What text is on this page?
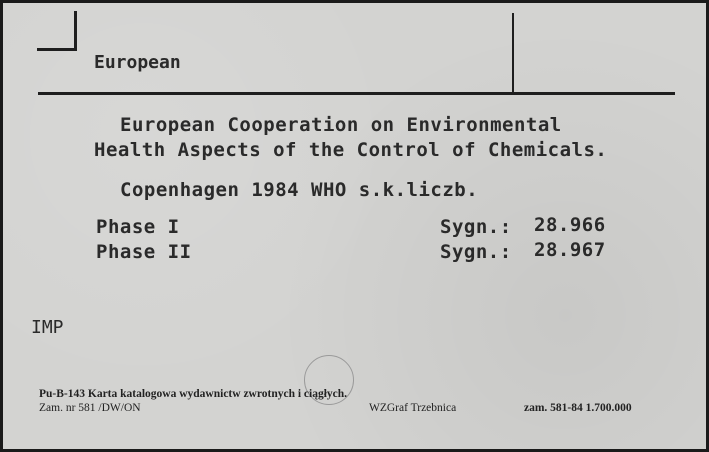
European
European Cooperation on Environmental
Health Aspects of the Control of Chemicals.
Copenhagen 1984 WHO s.k.liczb.
Phase I	Sygn.: 28.966
Phase II	Sygn.: 28.967
IMP
Pu-B-143 Karta katalogowa wydawnictw zwrotnych i ciągłych.
Zam. nr 581 /DW/ON	WZGraf Trzebnica	zam. 581-84 1.700.000
